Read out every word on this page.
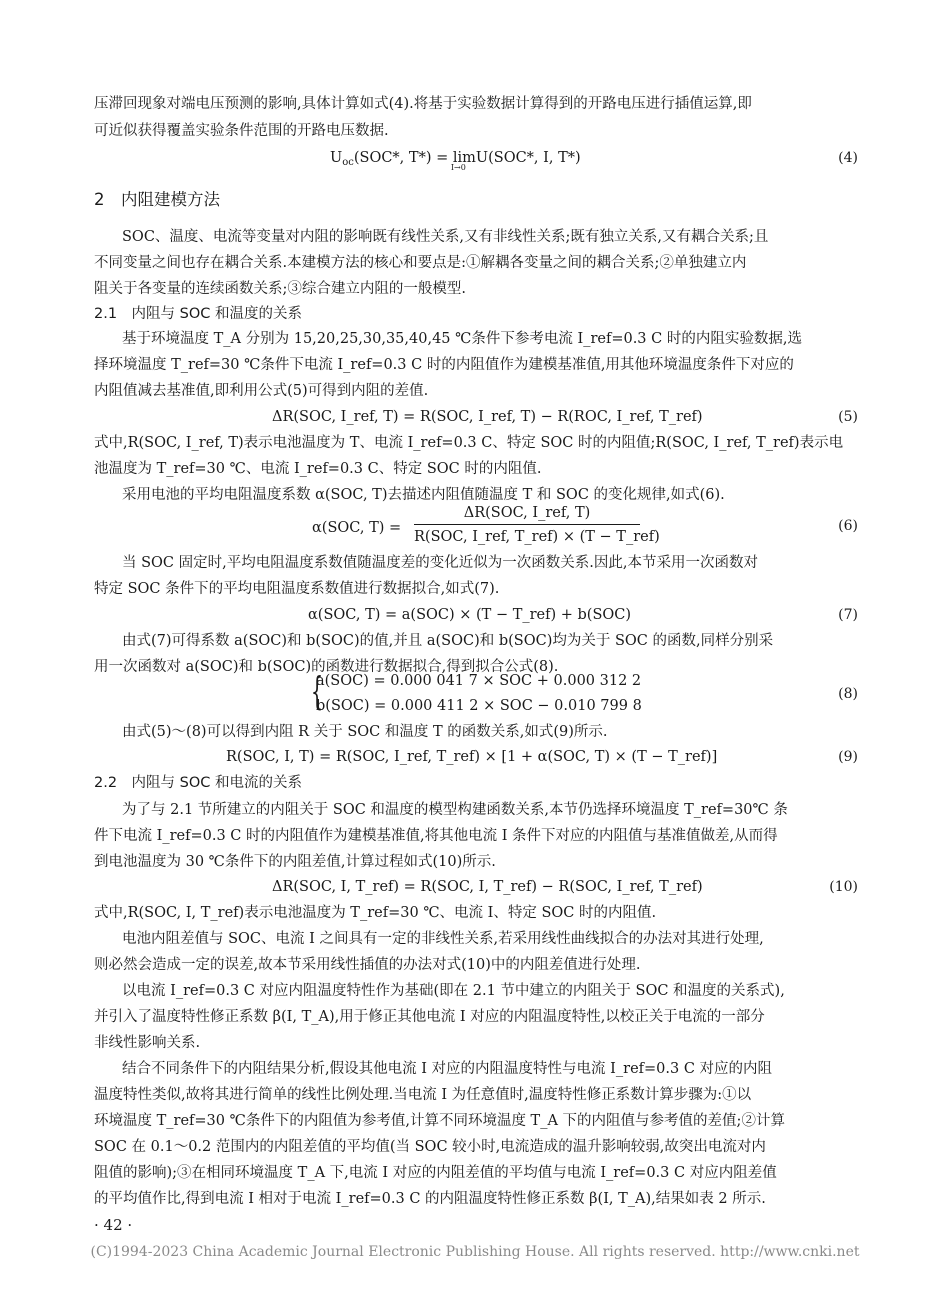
压滞回现象对端电压预测的影响,具体计算如式(4).将基于实验数据计算得到的开路电压进行插值运算,即
可近似获得覆盖实验条件范围的开路电压数据.
$U_{oc}(SOC*$, T*) = lim
I→0
U(SOC*, I, T*)	(4)
2　内阻建模方法
SOC、温度、电流等变量对内阻的影响既有线性关系,又有非线性关系;既有独立关系,又有耦合关系;且
不同变量之间也存在耦合关系.本建模方法的核心和要点是:①解耦各变量之间的耦合关系;②单独建立内
阻关于各变量的连续函数关系;③综合建立内阻的一般模型.
2.1　内阻与 SOC 和温度的关系
基于环境温度 T_A 分别为 15,20,25,30,35,40,45 ℃条件下参考电流 I_ref=0.3 C 时的内阻实验数据,选
择环境温度 T_ref=30 ℃条件下电流 I_ref=0.3 C 时的内阻值作为建模基准值,用其他环境温度条件下对应的
内阻值减去基准值,即利用公式(5)可得到内阻的差值.
ΔR(SOC, I_ref, T) = R(SOC, I_ref, T) − R(ROC, I_ref, T_ref)	(5)
式中,R(SOC, I_ref, T)表示电池温度为 T、电流 I_ref=0.3 C、特定 SOC 时的内阻值;R(SOC, I_ref, T_ref)表示电
池温度为 T_ref=30 ℃、电流 I_ref=0.3 C、特定 SOC 时的内阻值.
采用电池的平均电阻温度系数 α(SOC, T)去描述内阻值随温度 T 和 SOC 的变化规律,如式(6).
α(SOC, T) =
ΔR(SOC, I_ref, T)
R(SOC, I_ref, T_ref) × (T − T_ref)
(6)
当 SOC 固定时,平均电阻温度系数值随温度差的变化近似为一次函数关系.因此,本节采用一次函数对
特定 SOC 条件下的平均电阻温度系数值进行数据拟合,如式(7).
α(SOC, T) = a(SOC) × (T − T_ref) + b(SOC)	(7)
由式(7)可得系数 a(SOC)和 b(SOC)的值,并且 a(SOC)和 b(SOC)均为关于 SOC 的函数,同样分别采
用一次函数对 a(SOC)和 b(SOC)的函数进行数据拟合,得到拟合公式(8).
{
a(SOC) = 0.000 041 7 × SOC + 0.000 312 2
b(SOC) = 0.000 411 2 × SOC − 0.010 799 8
(8)
由式(5)～(8)可以得到内阻 R 关于 SOC 和温度 T 的函数关系,如式(9)所示.
R(SOC, I, T) = R(SOC, I_ref, T_ref) × [1 + α(SOC, T) × (T − T_ref)]	(9)
2.2　内阻与 SOC 和电流的关系
为了与 2.1 节所建立的内阻关于 SOC 和温度的模型构建函数关系,本节仍选择环境温度 T_ref=30℃ 条
件下电流 I_ref=0.3 C 时的内阻值作为建模基准值,将其他电流 I 条件下对应的内阻值与基准值做差,从而得
到电池温度为 30 ℃条件下的内阻差值,计算过程如式(10)所示.
ΔR(SOC, I, T_ref) = R(SOC, I, T_ref) − R(SOC, I_ref, T_ref)	(10)
式中,R(SOC, I, T_ref)表示电池温度为 T_ref=30 ℃、电流 I、特定 SOC 时的内阻值.
电池内阻差值与 SOC、电流 I 之间具有一定的非线性关系,若采用线性曲线拟合的办法对其进行处理,
则必然会造成一定的误差,故本节采用线性插值的办法对式(10)中的内阻差值进行处理.
以电流 I_ref=0.3 C 对应内阻温度特性作为基础(即在 2.1 节中建立的内阻关于 SOC 和温度的关系式),
并引入了温度特性修正系数 β(I, T_A),用于修正其他电流 I 对应的内阻温度特性,以校正关于电流的一部分
非线性影响关系.
结合不同条件下的内阻结果分析,假设其他电流 I 对应的内阻温度特性与电流 I_ref=0.3 C 对应的内阻
温度特性类似,故将其进行简单的线性比例处理.当电流 I 为任意值时,温度特性修正系数计算步骤为:①以
环境温度 T_ref=30 ℃条件下的内阻值为参考值,计算不同环境温度 T_A 下的内阻值与参考值的差值;②计算
SOC 在 0.1～0.2 范围内的内阻差值的平均值(当 SOC 较小时,电流造成的温升影响较弱,故突出电流对内
阻值的影响);③在相同环境温度 T_A 下,电流 I 对应的内阻差值的平均值与电流 I_ref=0.3 C 对应内阻差值
的平均值作比,得到电流 I 相对于电流 I_ref=0.3 C 的内阻温度特性修正系数 β(I, T_A),结果如表 2 所示.
· 42 ·
(C)1994-2023 China Academic Journal Electronic Publishing House. All rights reserved. http://www.cnki.net
